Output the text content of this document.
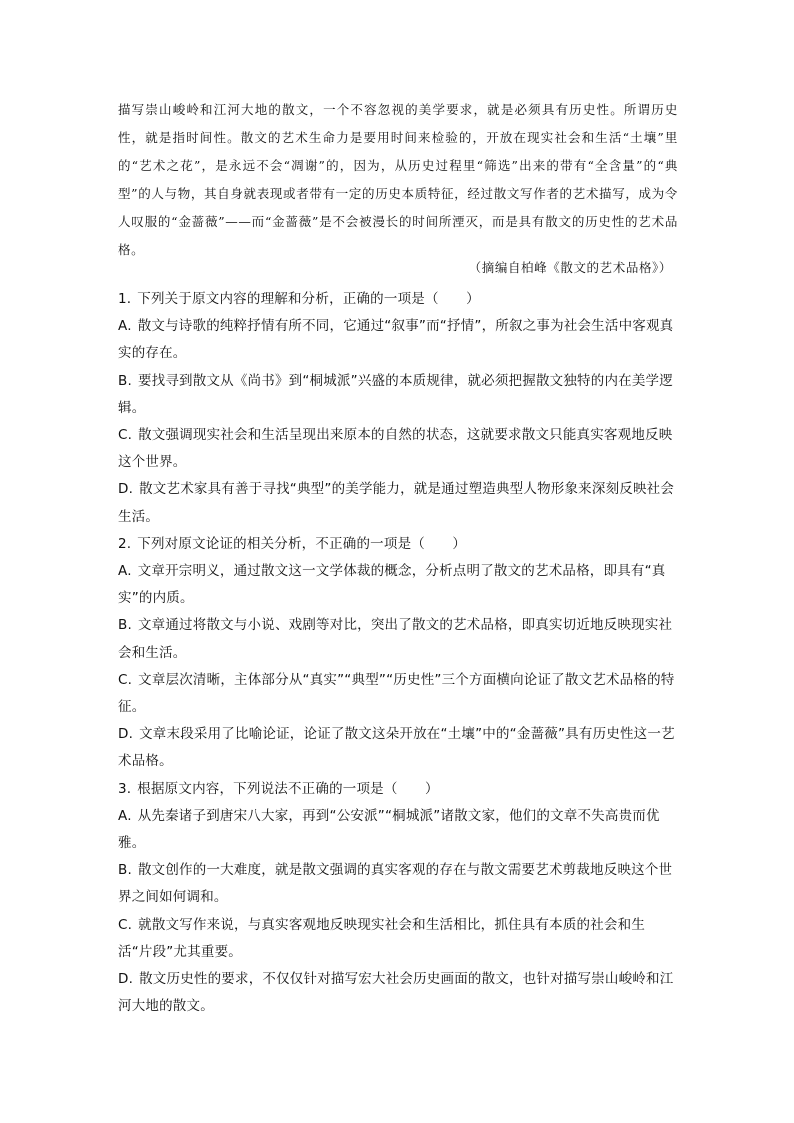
描写崇山峻岭和江河大地的散文，一个不容忽视的美学要求，就是必须具有历史性。所谓历史性，就是指时间性。散文的艺术生命力是要用时间来检验的，开放在现实社会和生活“土壤”里的“艺术之花”，是永远不会“凋谢”的，因为，从历史过程里“筛选”出来的带有“全含量”的“典型”的人与物，其自身就表现或者带有一定的历史本质特征，经过散文写作者的艺术描写，成为令人叹服的“金蔷薇”——而“金蔷薇”是不会被漫长的时间所湮灭，而是具有散文的历史性的艺术品格。

（摘编自柏峰《散文的艺术品格》）

1. 下列关于原文内容的理解和分析，正确的一项是（　　）

A. 散文与诗歌的纯粹抒情有所不同，它通过“叙事”而“抒情”，所叙之事为社会生活中客观真实的存在。

B. 要找寻到散文从《尚书》到“桐城派”兴盛的本质规律，就必须把握散文独特的内在美学逻辑。

C. 散文强调现实社会和生活呈现出来原本的自然的状态，这就要求散文只能真实客观地反映这个世界。

D. 散文艺术家具有善于寻找“典型”的美学能力，就是通过塑造典型人物形象来深刻反映社会生活。

2. 下列对原文论证的相关分析，不正确的一项是（　　）

A. 文章开宗明义，通过散文这一文学体裁的概念，分析点明了散文的艺术品格，即具有“真实”的内质。

B. 文章通过将散文与小说、戏剧等对比，突出了散文的艺术品格，即真实切近地反映现实社会和生活。

C. 文章层次清晰，主体部分从“真实”“典型”“历史性”三个方面横向论证了散文艺术品格的特征。

D. 文章末段采用了比喻论证，论证了散文这朵开放在“土壤”中的“金蔷薇”具有历史性这一艺术品格。

3. 根据原文内容，下列说法不正确的一项是（　　）

A. 从先秦诸子到唐宋八大家，再到“公安派”“桐城派”诸散文家，他们的文章不失高贵而优雅。

B. 散文创作的一大难度，就是散文强调的真实客观的存在与散文需要艺术剪裁地反映这个世界之间如何调和。

C. 就散文写作来说，与真实客观地反映现实社会和生活相比，抓住具有本质的社会和生活“片段”尤其重要。

D. 散文历史性的要求，不仅仅针对描写宏大社会历史画面的散文，也针对描写崇山峻岭和江河大地的散文。
